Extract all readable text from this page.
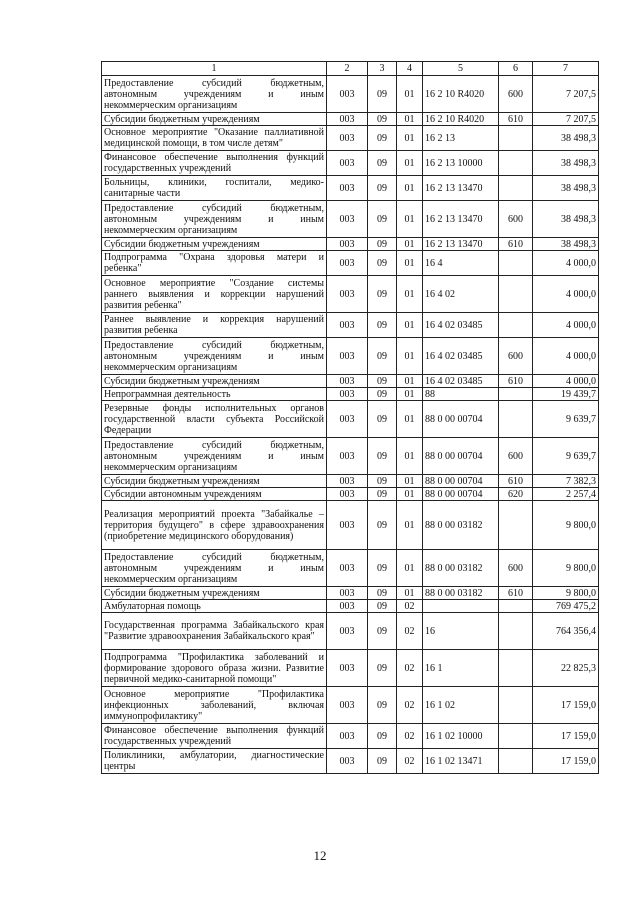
1	2	3	4	5	6	7
Предоставление субсидий бюджетным, автономным учреждениям и иным некоммерческим организациям	003	09	01	16 2 10 R4020	600	7 207,5
Субсидии бюджетным учреждениям	003	09	01	16 2 10 R4020	610	7 207,5
Основное мероприятие "Оказание паллиативной медицинской помощи, в том числе детям"	003	09	01	16 2 13		38 498,3
Финансовое обеспечение выполнения функций государственных учреждений	003	09	01	16 2 13 10000		38 498,3
Больницы, клиники, госпитали, медико-санитарные части	003	09	01	16 2 13 13470		38 498,3
Предоставление субсидий бюджетным, автономным учреждениям и иным некоммерческим организациям	003	09	01	16 2 13 13470	600	38 498,3
Субсидии бюджетным учреждениям	003	09	01	16 2 13 13470	610	38 498,3
Подпрограмма "Охрана здоровья матери и ребенка"	003	09	01	16 4		4 000,0
Основное мероприятие "Создание системы раннего выявления и коррекции нарушений развития ребенка"	003	09	01	16 4 02		4 000,0
Раннее выявление и коррекция нарушений развития ребенка	003	09	01	16 4 02 03485		4 000,0
Предоставление субсидий бюджетным, автономным учреждениям и иным некоммерческим организациям	003	09	01	16 4 02 03485	600	4 000,0
Субсидии бюджетным учреждениям	003	09	01	16 4 02 03485	610	4 000,0
Непрограммная деятельность	003	09	01	88		19 439,7
Резервные фонды исполнительных органов государственной власти субъекта Российской Федерации	003	09	01	88 0 00 00704		9 639,7
Предоставление субсидий бюджетным, автономным учреждениям и иным некоммерческим организациям	003	09	01	88 0 00 00704	600	9 639,7
Субсидии бюджетным учреждениям	003	09	01	88 0 00 00704	610	7 382,3
Субсидии автономным учреждениям	003	09	01	88 0 00 00704	620	2 257,4
Реализация мероприятий проекта "Забайкалье – территория будущего" в сфере здравоохранения (приобретение медицинского оборудования)	003	09	01	88 0 00 03182		9 800,0
Предоставление субсидий бюджетным, автономным учреждениям и иным некоммерческим организациям	003	09	01	88 0 00 03182	600	9 800,0
Субсидии бюджетным учреждениям	003	09	01	88 0 00 03182	610	9 800,0
Амбулаторная помощь	003	09	02			769 475,2
Государственная программа Забайкальского края "Развитие здравоохранения Забайкальского края"	003	09	02	16		764 356,4
Подпрограмма "Профилактика заболеваний и формирование здорового образа жизни. Развитие первичной медико-санитарной помощи"	003	09	02	16 1		22 825,3
Основное мероприятие "Профилактика инфекционных заболеваний, включая иммунопрофилактику"	003	09	02	16 1 02		17 159,0
Финансовое обеспечение выполнения функций государственных учреждений	003	09	02	16 1 02 10000		17 159,0
Поликлиники, амбулатории, диагностические центры	003	09	02	16 1 02 13471		17 159,0
12
